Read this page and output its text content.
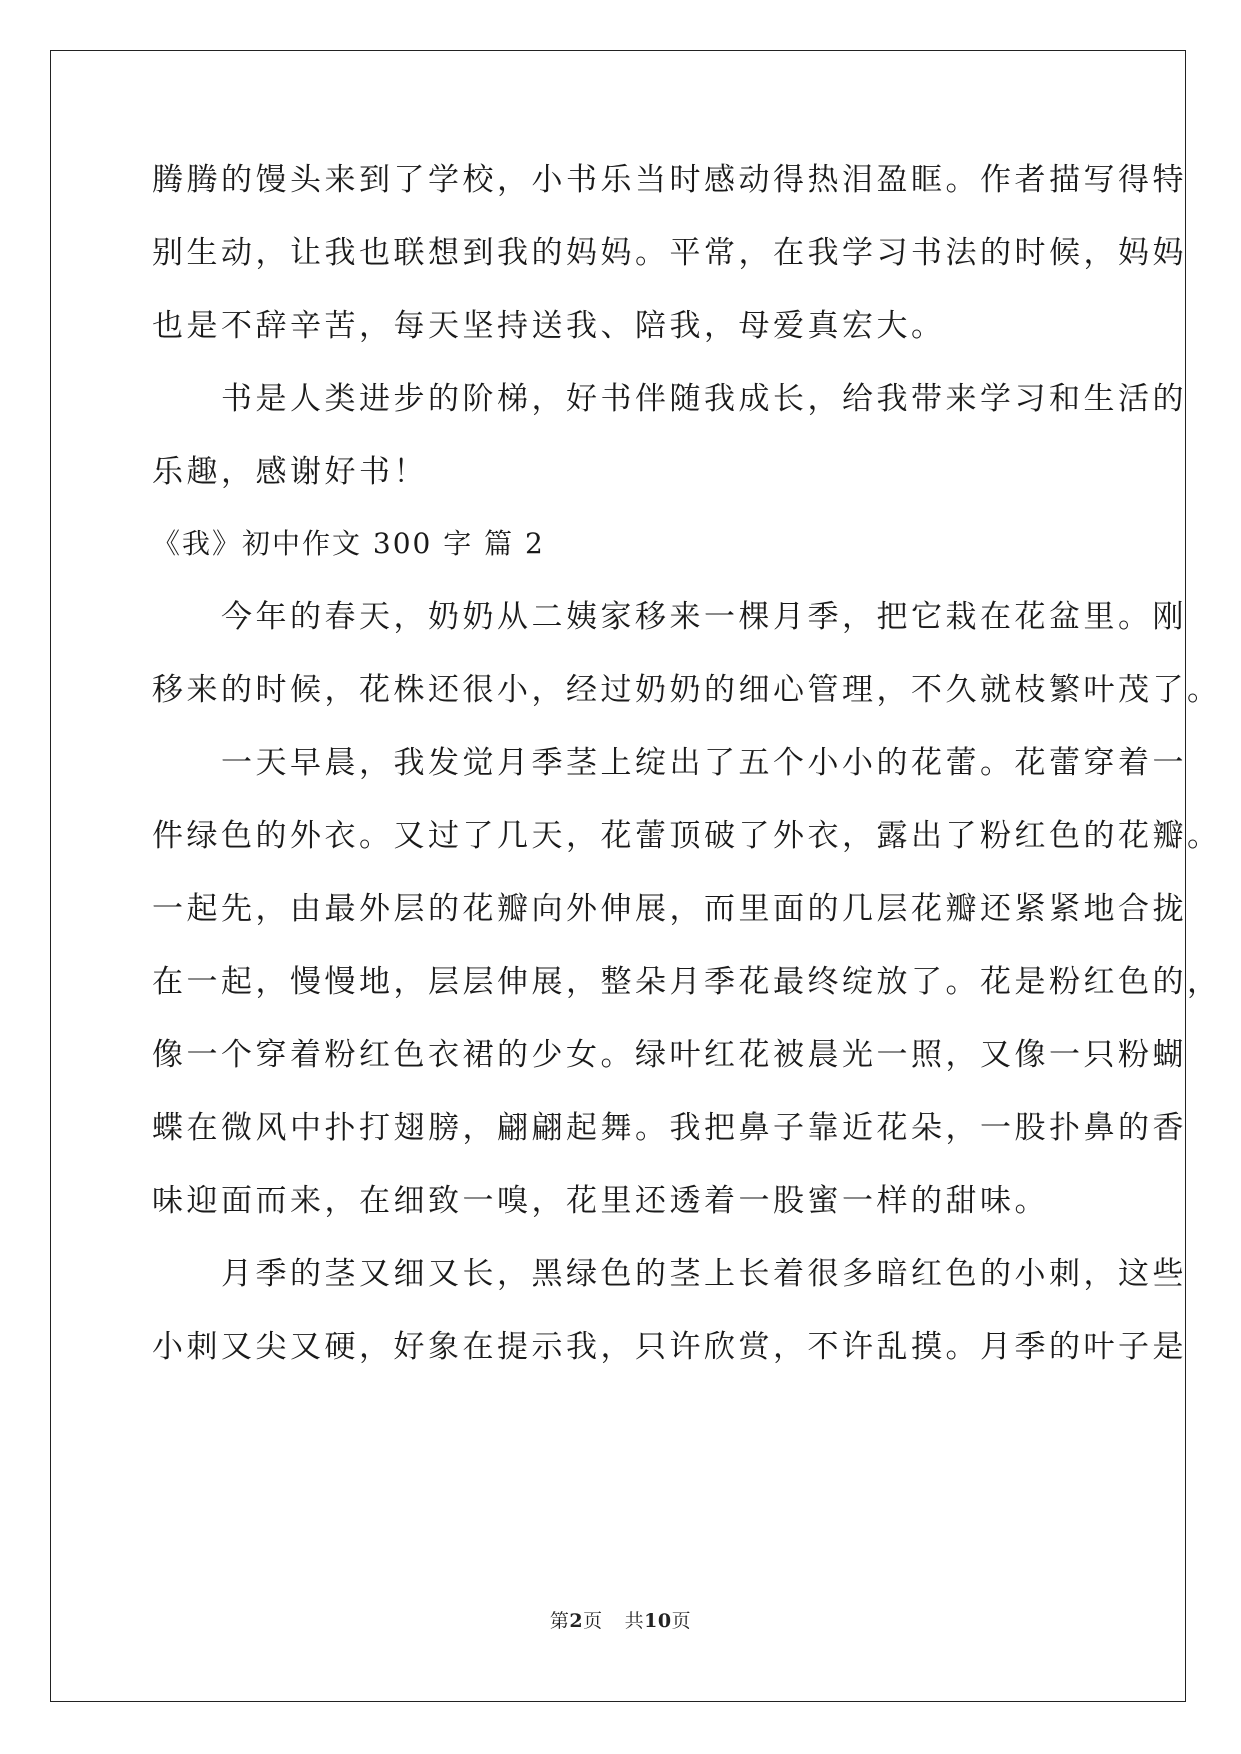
腾腾的馒头来到了学校，小书乐当时感动得热泪盈眶。作者描写得特
别生动，让我也联想到我的妈妈。平常，在我学习书法的时候，妈妈
也是不辞辛苦，每天坚持送我、陪我，母爱真宏大。
　　书是人类进步的阶梯，好书伴随我成长，给我带来学习和生活的
乐趣，感谢好书！
《我》初中作文 300 字 篇 2
　　今年的春天，奶奶从二姨家移来一棵月季，把它栽在花盆里。刚
移来的时候，花株还很小，经过奶奶的细心管理，不久就枝繁叶茂了。
　　一天早晨，我发觉月季茎上绽出了五个小小的花蕾。花蕾穿着一
件绿色的外衣。又过了几天，花蕾顶破了外衣，露出了粉红色的花瓣。
一起先，由最外层的花瓣向外伸展，而里面的几层花瓣还紧紧地合拢
在一起，慢慢地，层层伸展，整朵月季花最终绽放了。花是粉红色的，
像一个穿着粉红色衣裙的少女。绿叶红花被晨光一照，又像一只粉蝴
蝶在微风中扑打翅膀，翩翩起舞。我把鼻子靠近花朵，一股扑鼻的香
味迎面而来，在细致一嗅，花里还透着一股蜜一样的甜味。
　　月季的茎又细又长，黑绿色的茎上长着很多暗红色的小刺，这些
小刺又尖又硬，好象在提示我，只许欣赏，不许乱摸。月季的叶子是
第2页 共10页
